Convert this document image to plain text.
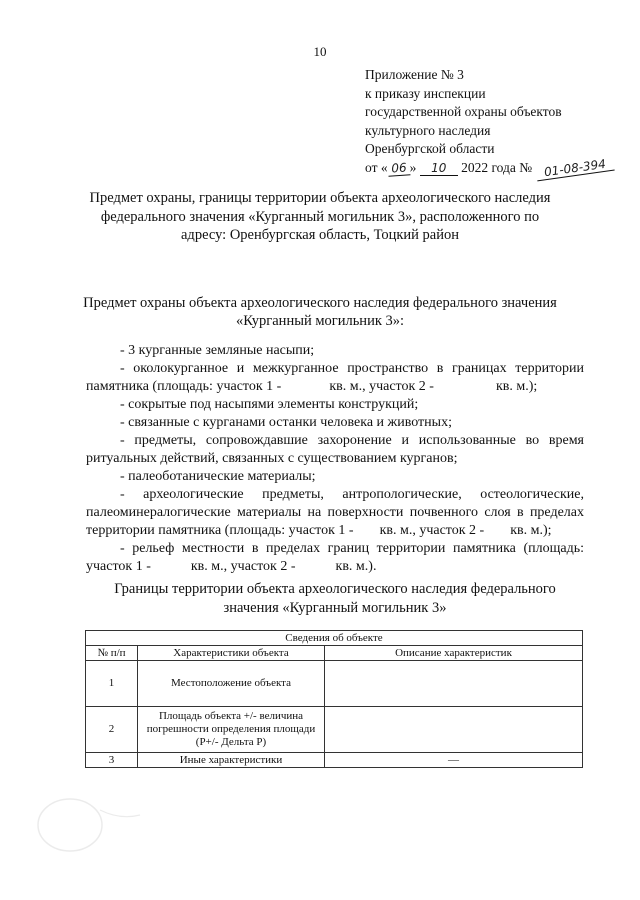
10
Приложение № 3
к приказу инспекции
государственной охраны объектов
культурного наследия
Оренбургской области
от « 06 » 10 2022 года № 01-08-394
Предмет охраны, границы территории объекта археологического наследия федерального значения «Курганный могильник 3», расположенного по адресу: Оренбургская область, Тоцкий район
Предмет охраны объекта археологического наследия федерального значения «Курганный могильник 3»:

- 3 курганные земляные насыпи;

- околокурганное и межкурганное пространство в границах территории памятника (площадь: участок 1 -	кв. м., участок 2 -	кв. м.);

- сокрытые под насыпями элементы конструкций;

- связанные с курганами останки человека и животных;

- предметы, сопровождавшие захоронение и использованные во время ритуальных действий, связанных с существованием курганов;

- палеоботанические материалы;

- археологические предметы, антропологические, остеологические, палеоминералогические материалы на поверхности почвенного слоя в пределах территории памятника (площадь: участок 1 - кв. м., участок 2 - кв. м.);

- рельеф местности в пределах границ территории памятника (площадь: участок 1 -	кв. м., участок 2 -	кв. м.).

Границы территории объекта археологического наследия федерального значения «Курганный могильник 3»
Сведения об объекте		
№ п/п	Характеристики объекта	Описание характеристик
1	Местоположение объекта	
2	Площадь объекта +/- величина погрешности определения площади (Р+/- Дельта Р)	
3	Иные характеристики	—
